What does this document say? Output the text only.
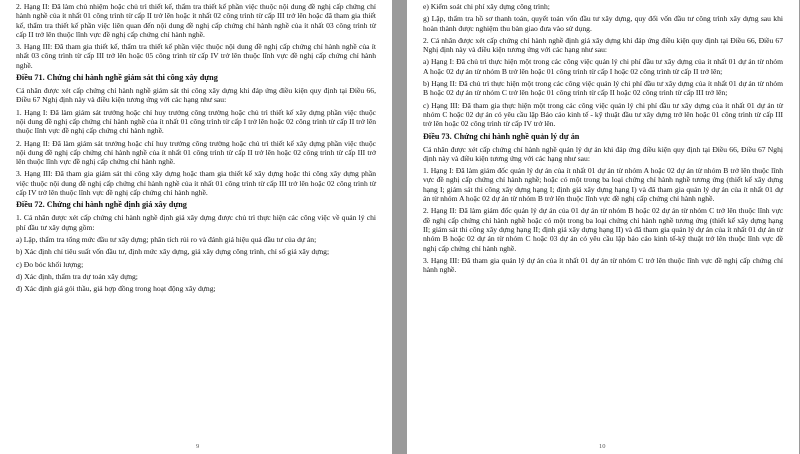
2. Hạng II: Đã làm chủ nhiệm hoặc chủ trì thiết kế, thẩm tra thiết kế phần việc thuộc nội dung đề nghị cấp chứng chỉ hành nghề của ít nhất 01 công trình từ cấp II trở lên hoặc ít nhất 02 công trình từ cấp III trở lên hoặc đã tham gia thiết kế, thẩm tra thiết kế phần việc liên quan đến nội dung đề nghị cấp chứng chỉ hành nghề của ít nhất 03 công trình từ cấp II trở lên thuộc lĩnh vực đề nghị cấp chứng chỉ hành nghề.

3. Hạng III: Đã tham gia thiết kế, thẩm tra thiết kế phần việc thuộc nội dung đề nghị cấp chứng chỉ hành nghề của ít nhất 03 công trình từ cấp III trở lên hoặc 05 công trình từ cấp IV trở lên thuộc lĩnh vực đề nghị cấp chứng chỉ hành nghề.

Điều 71. Chứng chỉ hành nghề giám sát thi công xây dựng

Cá nhân được xét cấp chứng chỉ hành nghề giám sát thi công xây dựng khi đáp ứng điều kiện quy định tại Điều 66, Điều 67 Nghị định này và điều kiện tương ứng với các hạng như sau:

1. Hạng I: Đã làm giám sát trưởng hoặc chỉ huy trưởng công trường hoặc chủ trì thiết kế xây dựng phần việc thuộc nội dung đề nghị cấp chứng chỉ hành nghề của ít nhất 01 công trình từ cấp I trở lên hoặc 02 công trình từ cấp II trở lên thuộc lĩnh vực đề nghị cấp chứng chỉ hành nghề.

2. Hạng II: Đã làm giám sát trưởng hoặc chỉ huy trưởng công trường hoặc chủ trì thiết kế xây dựng phần việc thuộc nội dung đề nghị cấp chứng chỉ hành nghề của ít nhất 01 công trình từ cấp II trở lên hoặc 02 công trình từ cấp III trở lên thuộc lĩnh vực đề nghị cấp chứng chỉ hành nghề.

3. Hạng III: Đã tham gia giám sát thi công xây dựng hoặc tham gia thiết kế xây dựng hoặc thi công xây dựng phần việc thuộc nội dung đề nghị cấp chứng chỉ hành nghề của ít nhất 01 công trình từ cấp III trở lên hoặc 02 công trình từ cấp IV trở lên thuộc lĩnh vực đề nghị cấp chứng chỉ hành nghề.

Điều 72. Chứng chỉ hành nghề định giá xây dựng

1. Cá nhân được xét cấp chứng chỉ hành nghề định giá xây dựng được chủ trì thực hiện các công việc về quản lý chi phí đầu tư xây dựng gồm:

a) Lập, thẩm tra tổng mức đầu tư xây dựng; phân tích rủi ro và đánh giá hiệu quả đầu tư của dự án;

b) Xác định chỉ tiêu suất vốn đầu tư, định mức xây dựng, giá xây dựng công trình, chỉ số giá xây dựng;

c) Đo bóc khối lượng;

d) Xác định, thẩm tra dự toán xây dựng;

đ) Xác định giá gói thầu, giá hợp đồng trong hoạt động xây dựng;

9

e) Kiểm soát chi phí xây dựng công trình;

g) Lập, thẩm tra hồ sơ thanh toán, quyết toán vốn đầu tư xây dựng, quy đổi vốn đầu tư công trình xây dựng sau khi hoàn thành được nghiệm thu bàn giao đưa vào sử dụng.

2. Cá nhân được xét cấp chứng chỉ hành nghề định giá xây dựng khi đáp ứng điều kiện quy định tại Điều 66, Điều 67 Nghị định này và điều kiện tương ứng với các hạng như sau:

a) Hạng I: Đã chủ trì thực hiện một trong các công việc quản lý chi phí đầu tư xây dựng của ít nhất 01 dự án từ nhóm A hoặc 02 dự án từ nhóm B trở lên hoặc 01 công trình từ cấp I hoặc 02 công trình từ cấp II trở lên;

b) Hạng II: Đã chủ trì thực hiện một trong các công việc quản lý chi phí đầu tư xây dựng của ít nhất 01 dự án từ nhóm B hoặc 02 dự án từ nhóm C trở lên hoặc 01 công trình từ cấp II hoặc 02 công trình từ cấp III trở lên;

c) Hạng III: Đã tham gia thực hiện một trong các công việc quản lý chi phí đầu tư xây dựng của ít nhất 01 dự án từ nhóm C hoặc 02 dự án có yêu cầu lập Báo cáo kinh tế - kỹ thuật đầu tư xây dựng trở lên hoặc 01 công trình từ cấp III trở lên hoặc 02 công trình từ cấp IV trở lên.

Điều 73. Chứng chỉ hành nghề quản lý dự án

Cá nhân được xét cấp chứng chỉ hành nghề quản lý dự án khi đáp ứng điều kiện quy định tại Điều 66, Điều 67 Nghị định này và điều kiện tương ứng với các hạng như sau:

1. Hạng I: Đã làm giám đốc quản lý dự án của ít nhất 01 dự án từ nhóm A hoặc 02 dự án từ nhóm B trở lên thuộc lĩnh vực đề nghị cấp chứng chỉ hành nghề; hoặc có một trong ba loại chứng chỉ hành nghề tương ứng (thiết kế xây dựng hạng I; giám sát thi công xây dựng hạng I; định giá xây dựng hạng I) và đã tham gia quản lý dự án của ít nhất 01 dự án từ nhóm A hoặc 02 dự án từ nhóm B trở lên thuộc lĩnh vực đề nghị cấp chứng chỉ hành nghề.

2. Hạng II: Đã làm giám đốc quản lý dự án của 01 dự án từ nhóm B hoặc 02 dự án từ nhóm C trở lên thuộc lĩnh vực đề nghị cấp chứng chỉ hành nghề hoặc có một trong ba loại chứng chỉ hành nghề tương ứng (thiết kế xây dựng hạng II; giám sát thi công xây dựng hạng II; định giá xây dựng hạng II) và đã tham gia quản lý dự án của ít nhất 01 dự án từ nhóm B hoặc 02 dự án từ nhóm C hoặc 03 dự án có yêu cầu lập báo cáo kinh tế-kỹ thuật trở lên thuộc lĩnh vực đề nghị cấp chứng chỉ hành nghề.

3. Hạng III: Đã tham gia quản lý dự án của ít nhất 01 dự án từ nhóm C trở lên thuộc lĩnh vực đề nghị cấp chứng chỉ hành nghề.

10
